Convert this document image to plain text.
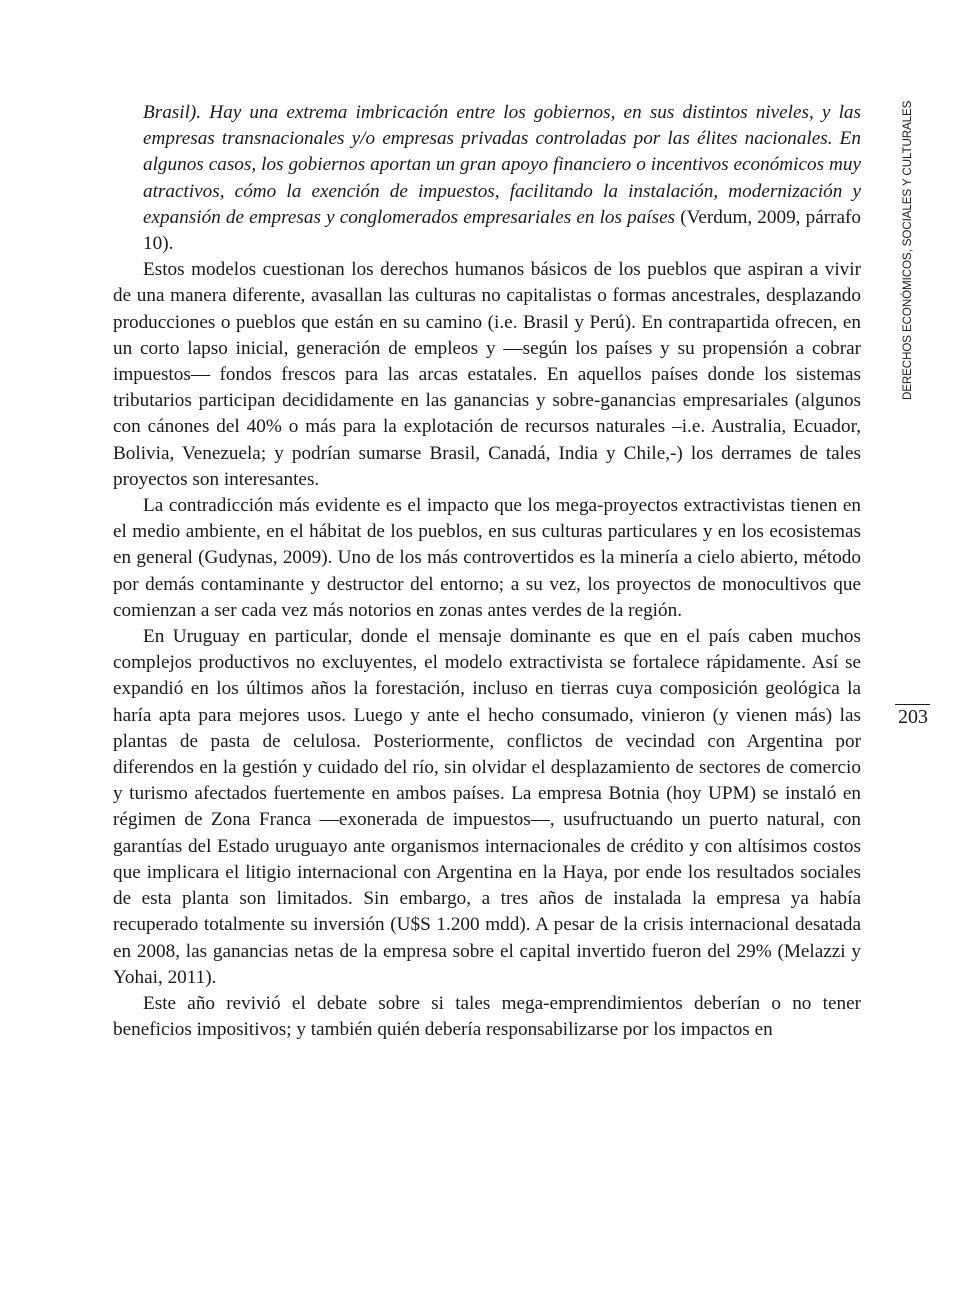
DERECHOS ECONÓMICOS, SOCIALES Y CULTURALES
203

Brasil). Hay una extrema imbricación entre los gobiernos, en sus distintos niveles, y las empresas transnacionales y/o empresas privadas controladas por las élites nacionales. En algunos casos, los gobiernos aportan un gran apoyo financiero o incentivos económicos muy atractivos, cómo la exención de impuestos, facilitando la instalación, modernización y expansión de empresas y conglomerados empresariales en los países (Verdum, 2009, párrafo 10).

Estos modelos cuestionan los derechos humanos básicos de los pueblos que aspiran a vivir de una manera diferente, avasallan las culturas no capitalistas o formas ancestrales, desplazando producciones o pueblos que están en su camino (i.e. Brasil y Perú). En contrapartida ofrecen, en un corto lapso inicial, generación de empleos y —según los países y su propensión a cobrar impuestos— fondos frescos para las arcas estatales. En aquellos países donde los sistemas tributarios participan decididamente en las ganancias y sobre-ganancias empresariales (algunos con cánones del 40% o más para la explotación de recursos naturales –i.e. Australia, Ecuador, Bolivia, Venezuela; y podrían sumarse Brasil, Canadá, India y Chile,-) los derrames de tales proyectos son interesantes.

La contradicción más evidente es el impacto que los mega-proyectos extractivistas tienen en el medio ambiente, en el hábitat de los pueblos, en sus culturas particulares y en los ecosistemas en general (Gudynas, 2009). Uno de los más controvertidos es la minería a cielo abierto, método por demás contaminante y destructor del entorno; a su vez, los proyectos de monocultivos que comienzan a ser cada vez más notorios en zonas antes verdes de la región.

En Uruguay en particular, donde el mensaje dominante es que en el país caben muchos complejos productivos no excluyentes, el modelo extractivista se fortalece rápidamente. Así se expandió en los últimos años la forestación, incluso en tierras cuya composición geológica la haría apta para mejores usos. Luego y ante el hecho consumado, vinieron (y vienen más) las plantas de pasta de celulosa. Posteriormente, conflictos de vecindad con Argentina por diferendos en la gestión y cuidado del río, sin olvidar el desplazamiento de sectores de comercio y turismo afectados fuertemente en ambos países. La empresa Botnia (hoy UPM) se instaló en régimen de Zona Franca —exonerada de impuestos—, usufructuando un puerto natural, con garantías del Estado uruguayo ante organismos internacionales de crédito y con altísimos costos que implicara el litigio internacional con Argentina en la Haya, por ende los resultados sociales de esta planta son limitados. Sin embargo, a tres años de instalada la empresa ya había recuperado totalmente su inversión (U$S 1.200 mdd). A pesar de la crisis internacional desatada en 2008, las ganancias netas de la empresa sobre el capital invertido fueron del 29% (Melazzi y Yohai, 2011).

Este año revivió el debate sobre si tales mega-emprendimientos deberían o no tener beneficios impositivos; y también quién debería responsabilizarse por los impactos en
